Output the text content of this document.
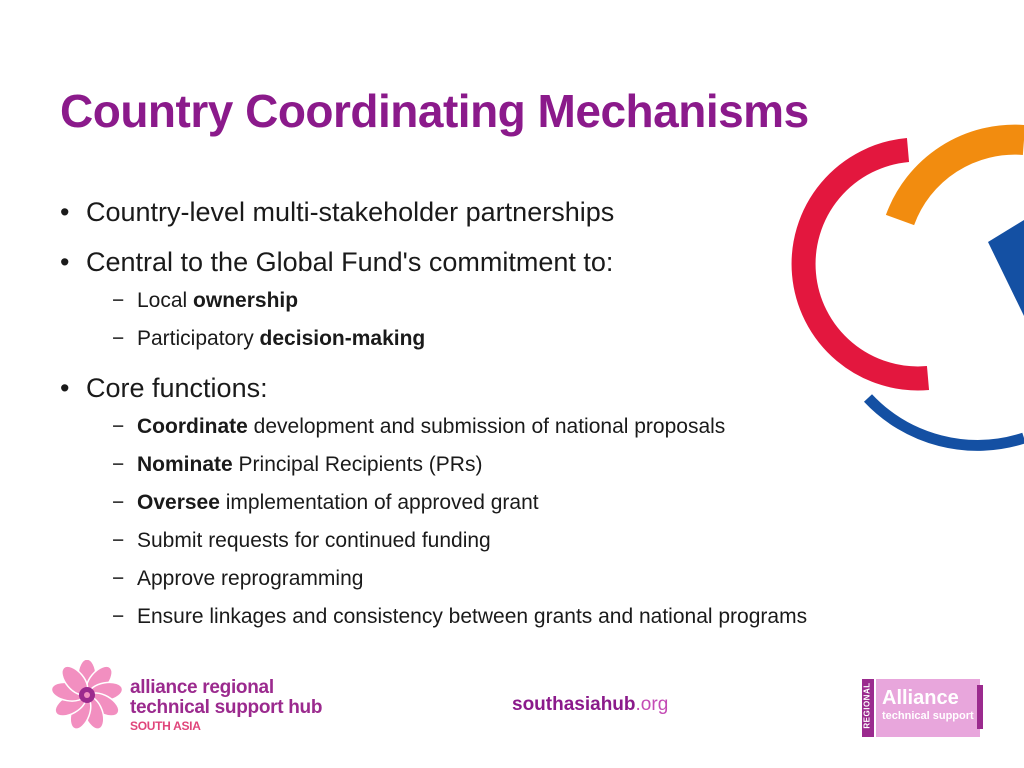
Country Coordinating Mechanisms
• Country-level multi-stakeholder partnerships
• Central to the Global Fund's commitment to:
− Local ownership
− Participatory decision-making
• Core functions:
− Coordinate development and submission of national proposals
− Nominate Principal Recipients (PRs)
− Oversee implementation of approved grant
− Submit requests for continued funding
− Approve reprogramming
− Ensure linkages and consistency between grants and national programs
alliance regional
technical support hub
SOUTH ASIA
southasiahub.org	REGIONAL Alliance
technical support
